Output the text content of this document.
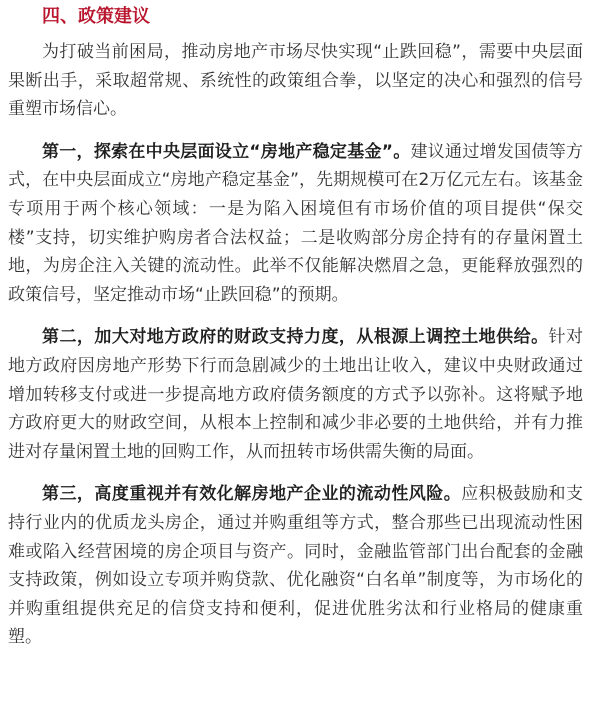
四、政策建议

为打破当前困局，推动房地产市场尽快实现“止跌回稳”，需要中央层面果断出手，采取超常规、系统性的政策组合拳，以坚定的决心和强烈的信号重塑市场信心。

第一，探索在中央层面设立“房地产稳定基金”。建议通过增发国债等方式，在中央层面成立“房地产稳定基金”，先期规模可在2万亿元左右。该基金专项用于两个核心领域：一是为陷入困境但有市场价值的项目提供“保交楼”支持，切实维护购房者合法权益；二是收购部分房企持有的存量闲置土地，为房企注入关键的流动性。此举不仅能解决燃眉之急，更能释放强烈的政策信号，坚定推动市场“止跌回稳”的预期。

第二，加大对地方政府的财政支持力度，从根源上调控土地供给。针对地方政府因房地产形势下行而急剧减少的土地出让收入，建议中央财政通过增加转移支付或进一步提高地方政府债务额度的方式予以弥补。这将赋予地方政府更大的财政空间，从根本上控制和减少非必要的土地供给，并有力推进对存量闲置土地的回购工作，从而扭转市场供需失衡的局面。

第三，高度重视并有效化解房地产企业的流动性风险。应积极鼓励和支持行业内的优质龙头房企，通过并购重组等方式，整合那些已出现流动性困难或陷入经营困境的房企项目与资产。同时，金融监管部门出台配套的金融支持政策，例如设立专项并购贷款、优化融资“白名单”制度等，为市场化的并购重组提供充足的信贷支持和便利，促进优胜劣汰和行业格局的健康重塑。
